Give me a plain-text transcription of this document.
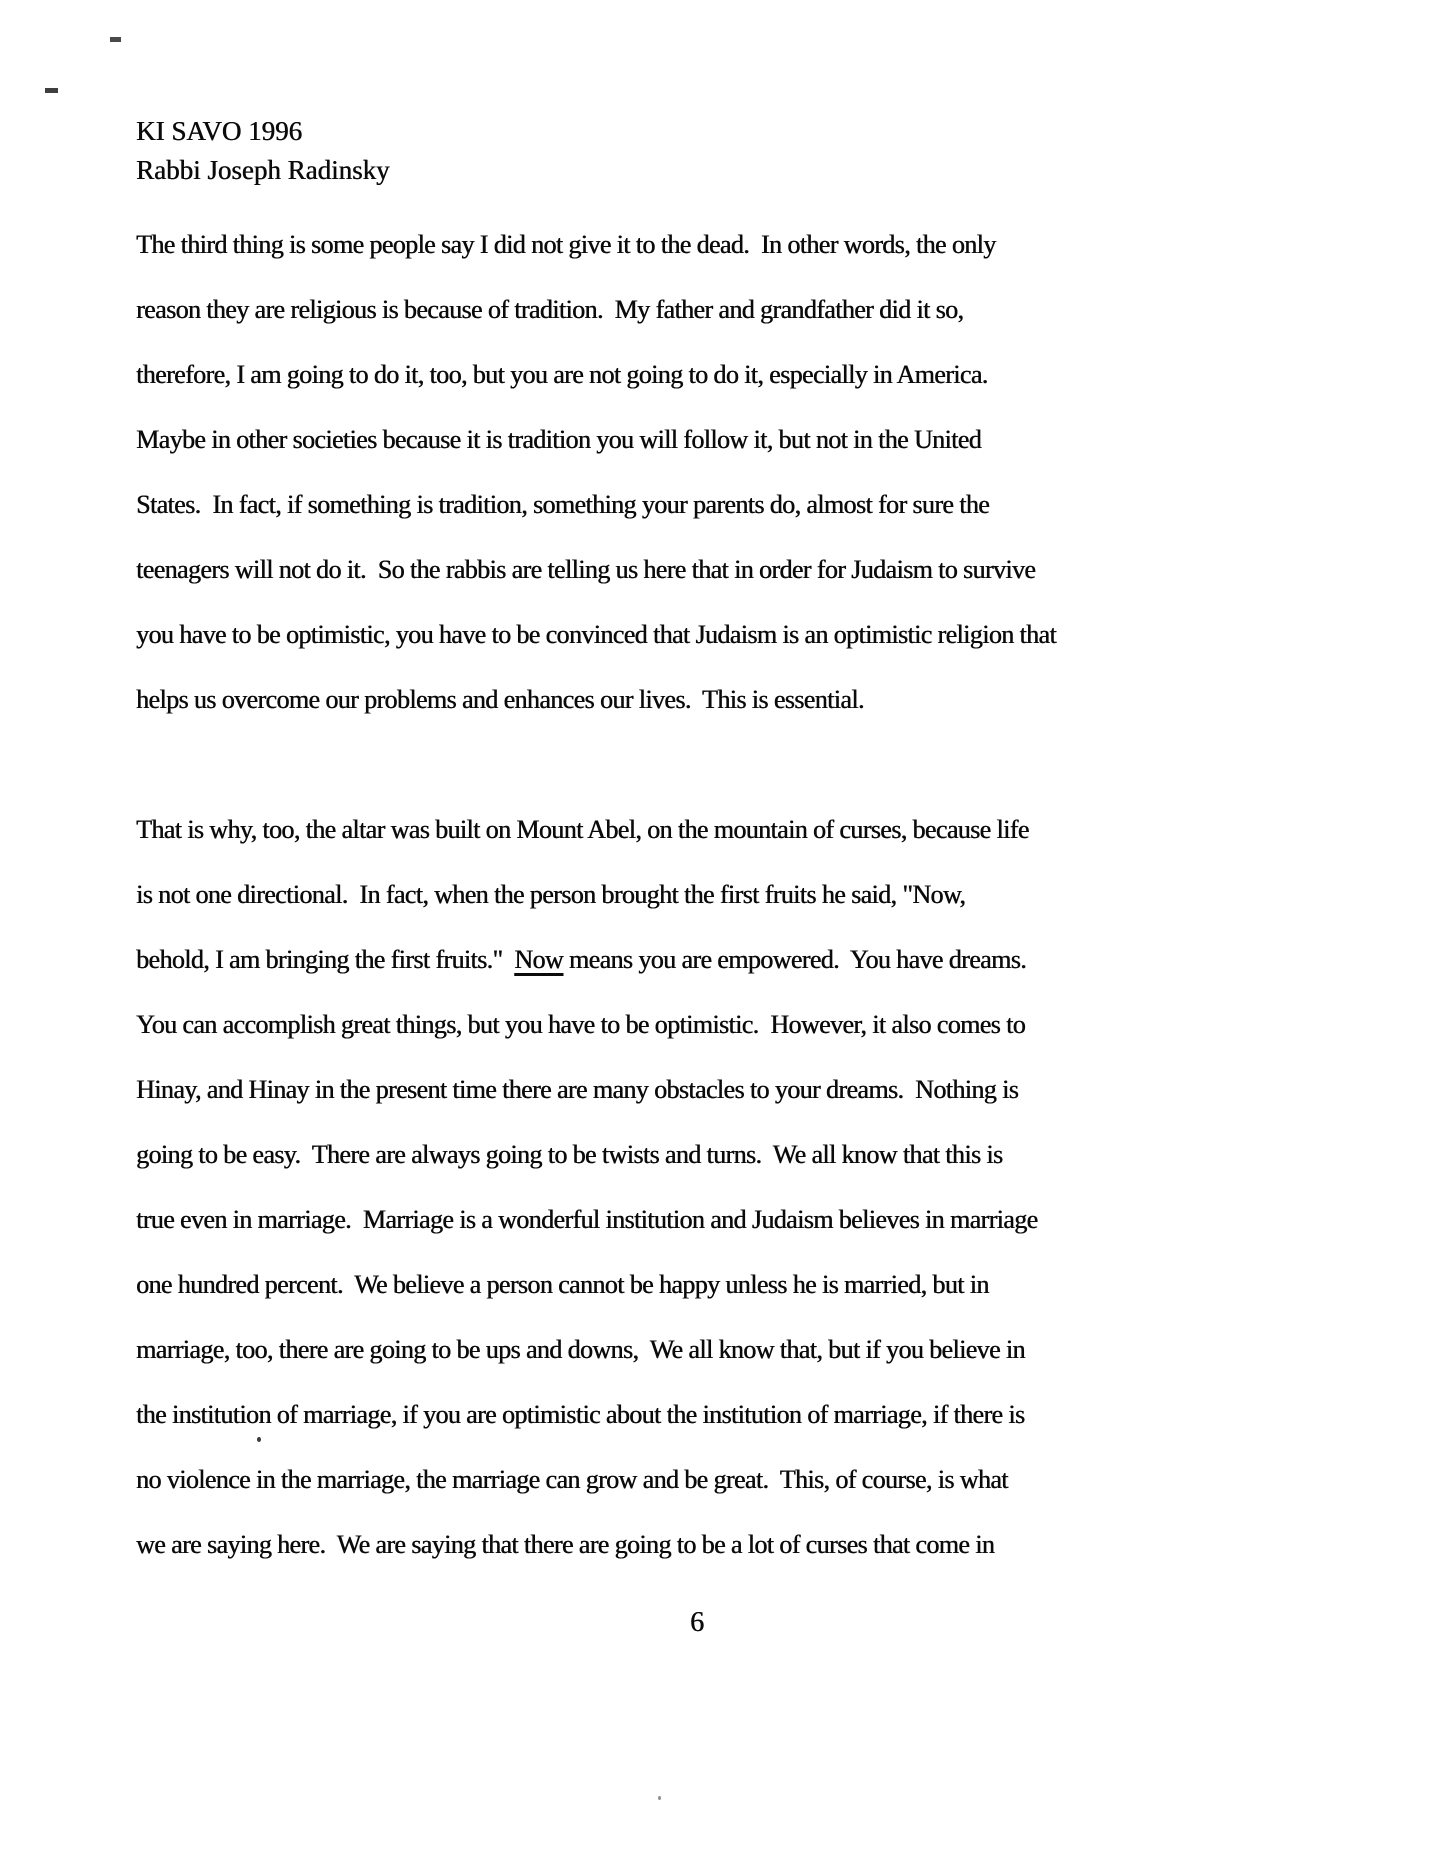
KI SAVO 1996
Rabbi Joseph Radinsky
The third thing is some people say I did not give it to the dead.  In other words, the only
reason they are religious is because of tradition.  My father and grandfather did it so,
therefore, I am going to do it, too, but you are not going to do it, especially in America.
Maybe in other societies because it is tradition you will follow it, but not in the United
States.  In fact, if something is tradition, something your parents do, almost for sure the
teenagers will not do it.  So the rabbis are telling us here that in order for Judaism to survive
you have to be optimistic, you have to be convinced that Judaism is an optimistic religion that
helps us overcome our problems and enhances our lives.  This is essential.
That is why, too, the altar was built on Mount Abel, on the mountain of curses, because life
is not one directional.  In fact, when the person brought the first fruits he said, "Now,
behold, I am bringing the first fruits."  Now means you are empowered.  You have dreams.
You can accomplish great things, but you have to be optimistic.  However, it also comes to
Hinay, and Hinay in the present time there are many obstacles to your dreams.  Nothing is
going to be easy.  There are always going to be twists and turns.  We all know that this is
true even in marriage.  Marriage is a wonderful institution and Judaism believes in marriage
one hundred percent.  We believe a person cannot be happy unless he is married, but in
marriage, too, there are going to be ups and downs,  We all know that, but if you believe in
the institution of marriage, if you are optimistic about the institution of marriage, if there is
no violence in the marriage, the marriage can grow and be great.  This, of course, is what
we are saying here.  We are saying that there are going to be a lot of curses that come in
6
